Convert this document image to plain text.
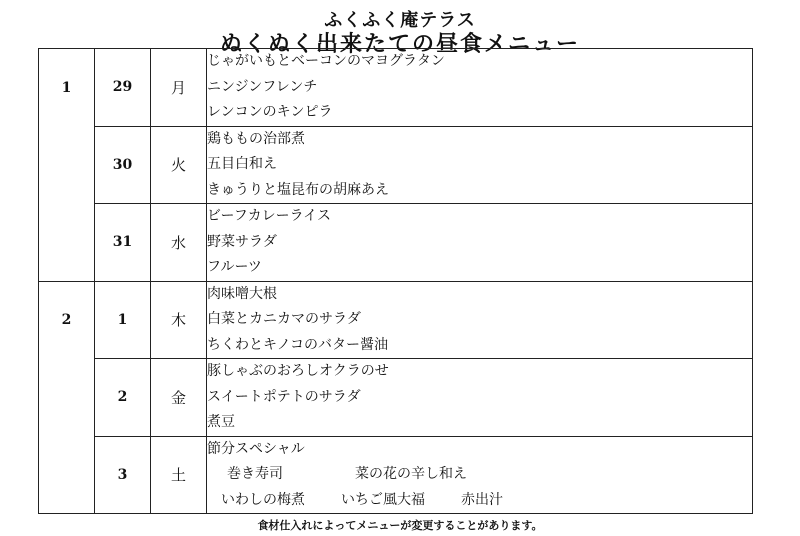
ふくふく庵テラス
ぬくぬく出来たての昼食メニュー
1	29	月	じゃがいもとベーコンのマヨグラタン
ニンジンフレンチ
レンコンのキンピラ

	30	火	鶏ももの治部煮
五目白和え
きゅうりと塩昆布の胡麻あえ

	31	水	ビーフカレーライス
野菜サラダ
フルーツ

2	1	木	肉味噌大根
白菜とカニカマのサラダ
ちくわとキノコのバター醤油

	2	金	豚しゃぶのおろしオクラのせ
スイートポテトのサラダ
煮豆

	3	土	節分スペシャル
巻き寿司 菜の花の辛し和え
いわしの梅煮 いちご風大福 赤出汁
食材仕入れによってメニューが変更することがあります。
